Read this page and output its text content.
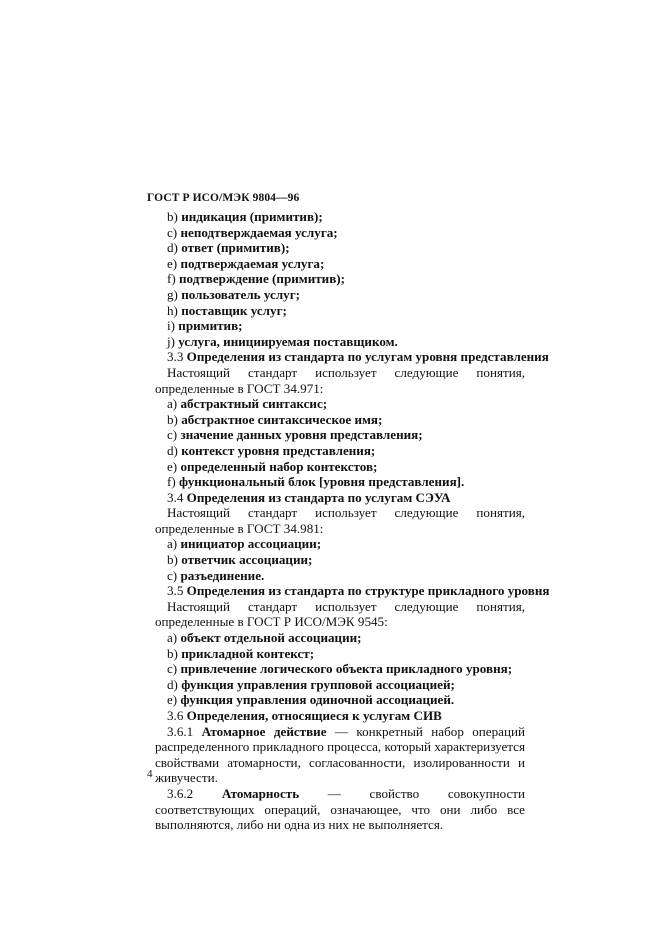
ГОСТ Р ИСО/МЭК 9804—96

b) индикация (примитив);

c) неподтверждаемая услуга;

d) ответ (примитив);

e) подтверждаемая услуга;

f) подтверждение (примитив);

g) пользователь услуг;

h) поставщик услуг;

i) примитив;

j) услуга, инициируемая поставщиком.

3.3 Определения из стандарта по услугам уровня представления

Настоящий стандарт использует следующие понятия, определенные в ГОСТ 34.971:

a) абстрактный синтаксис;

b) абстрактное синтаксическое имя;

c) значение данных уровня представления;

d) контекст уровня представления;

e) определенный набор контекстов;

f) функциональный блок [уровня представления].

3.4 Определения из стандарта по услугам СЭУА

Настоящий стандарт использует следующие понятия, определенные в ГОСТ 34.981:

a) инициатор ассоциации;

b) ответчик ассоциации;

c) разъединение.

3.5 Определения из стандарта по структуре прикладного уровня

Настоящий стандарт использует следующие понятия, определенные в ГОСТ Р ИСО/МЭК 9545:

a) объект отдельной ассоциации;

b) прикладной контекст;

c) привлечение логического объекта прикладного уровня;

d) функция управления групповой ассоциацией;

e) функция управления одиночной ассоциацией.

3.6 Определения, относящиеся к услугам СИВ

3.6.1 Атомарное действие — конкретный набор операций распределенного прикладного процесса, который характеризуется свойствами атомарности, согласованности, изолированности и живучести.

3.6.2 Атомарность — свойство совокупности соответствующих операций, означающее, что они либо все выполняются, либо ни одна из них не выполняется.

4
